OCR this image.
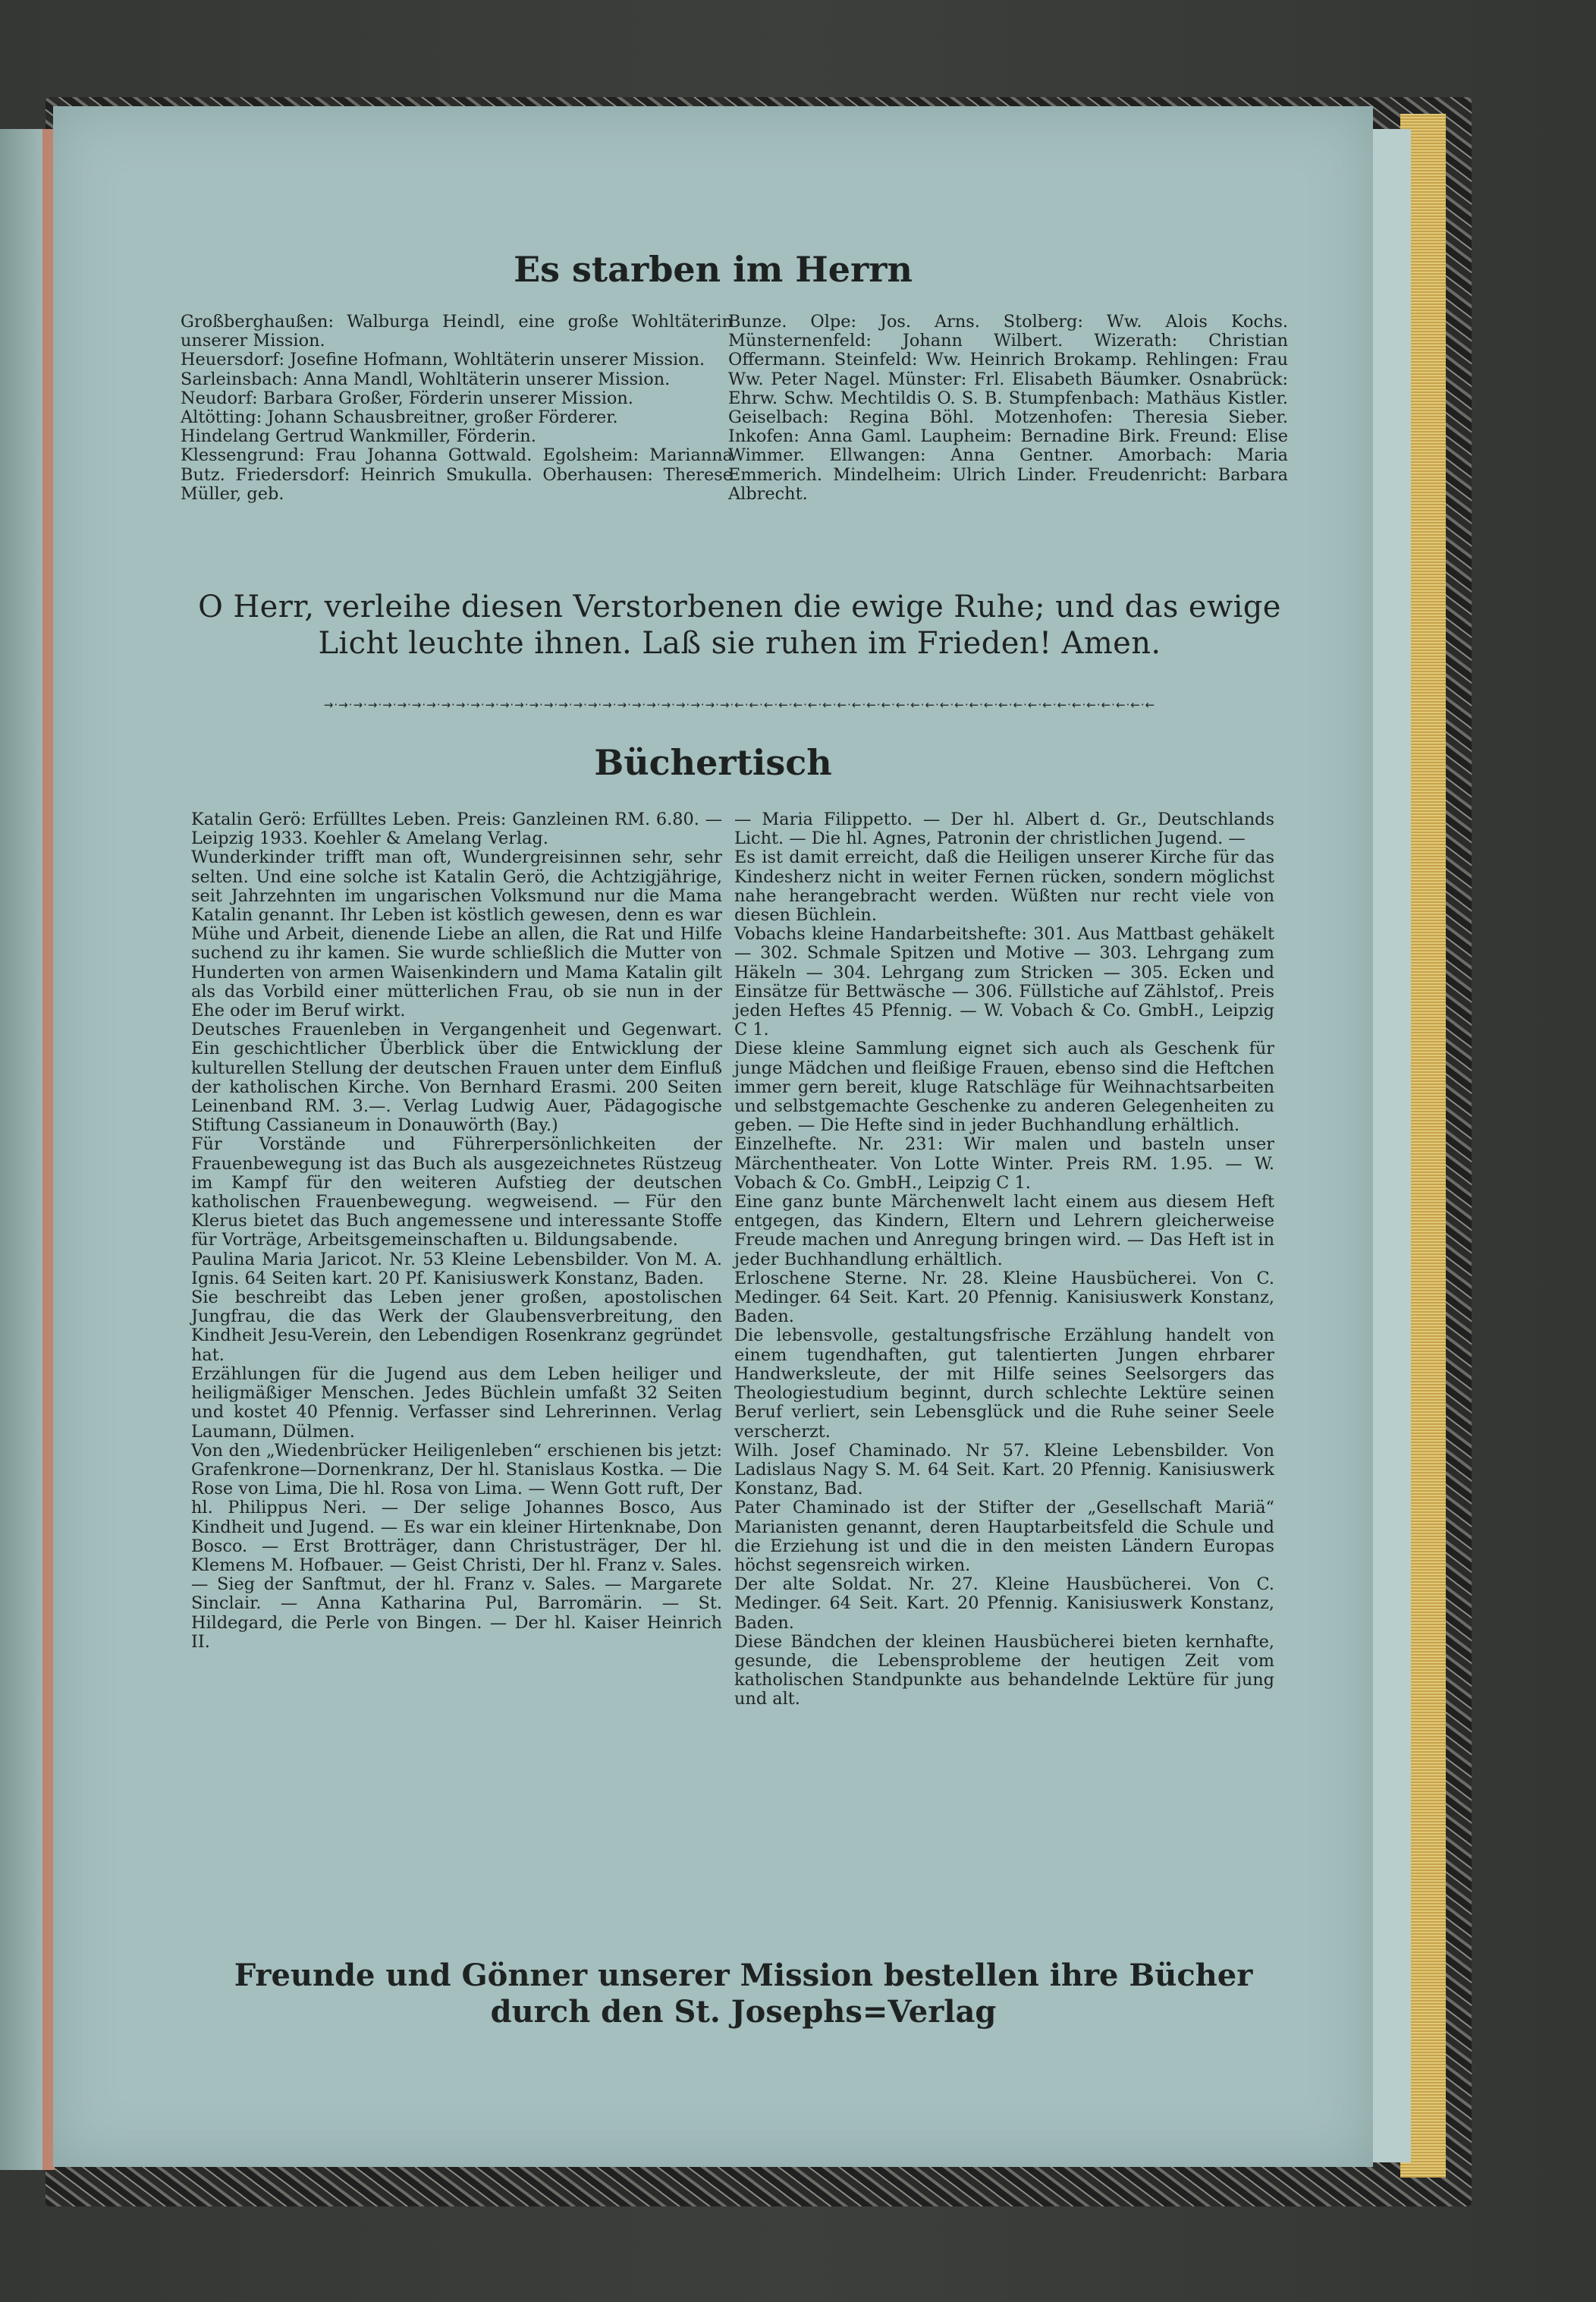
Es starben im Herrn

Großberghaußen: Walburga Heindl, eine große Wohltäterin unserer Mission.

Heuersdorf: Josefine Hofmann, Wohltäterin unserer Mission.

Sarleinsbach: Anna Mandl, Wohltäterin unserer Mission.

Neudorf: Barbara Großer, Förderin unserer Mission.

Altötting: Johann Schausbreitner, großer Förderer.

Hindelang Gertrud Wankmiller, Förderin.

Klessengrund: Frau Johanna Gottwald. Egolsheim: Marianna Butz. Friedersdorf: Heinrich Smukulla. Oberhausen: Therese Müller, geb.

Bunze. Olpe: Jos. Arns. Stolberg: Ww. Alois Kochs. Münsternenfeld: Johann Wilbert. Wizerath: Christian Offermann. Steinfeld: Ww. Heinrich Brokamp. Rehlingen: Frau Ww. Peter Nagel. Münster: Frl. Elisabeth Bäumker. Osnabrück: Ehrw. Schw. Mechtildis O. S. B. Stumpfenbach: Mathäus Kistler. Geiselbach: Regina Böhl. Motzenhofen: Theresia Sieber. Inkofen: Anna Gaml. Laupheim: Bernadine Birk. Freund: Elise Wimmer. Ellwangen: Anna Gentner. Amorbach: Maria Emmerich. Mindelheim: Ulrich Linder. Freudenricht: Barbara Albrecht.

O Herr, verleihe diesen Verstorbenen die ewige Ruhe; und das ewige Licht leuchte ihnen. Laß sie ruhen im Frieden! Amen.

→·→·→·→·→·→·→·→·→·→·→·→·→·→·→·→·→·→·→·→·→·→·→·→·→·→·→·→·←·←·←·←·←·←·←·←·←·←·←·←·←·←·←·←·←·←·←·←·←·←·←·←·←·←·←·←·←
Büchertisch

Katalin Gerö: Erfülltes Leben. Preis: Ganzleinen RM. 6.80. — Leipzig 1933. Koehler & Amelang Verlag.

Wunderkinder trifft man oft, Wundergreisinnen sehr, sehr selten. Und eine solche ist Katalin Gerö, die Achtzigjährige, seit Jahrzehnten im ungarischen Volksmund nur die Mama Katalin genannt. Ihr Leben ist köstlich gewesen, denn es war Mühe und Arbeit, dienende Liebe an allen, die Rat und Hilfe suchend zu ihr kamen. Sie wurde schließlich die Mutter von Hunderten von armen Waisenkindern und Mama Katalin gilt als das Vorbild einer mütterlichen Frau, ob sie nun in der Ehe oder im Beruf wirkt.

Deutsches Frauenleben in Vergangenheit und Gegenwart. Ein geschichtlicher Überblick über die Entwicklung der kulturellen Stellung der deutschen Frauen unter dem Einfluß der katholischen Kirche. Von Bernhard Erasmi. 200 Seiten Leinenband RM. 3.—. Verlag Ludwig Auer, Pädagogische Stiftung Cassianeum in Donauwörth (Bay.)

Für Vorstände und Führerpersönlichkeiten der Frauenbewegung ist das Buch als ausgezeichnetes Rüstzeug im Kampf für den weiteren Aufstieg der deutschen katholischen Frauenbewegung. wegweisend. — Für den Klerus bietet das Buch angemessene und interessante Stoffe für Vorträge, Arbeitsgemeinschaften u. Bildungsabende.

Paulina Maria Jaricot. Nr. 53 Kleine Lebensbilder. Von M. A. Ignis. 64 Seiten kart. 20 Pf. Kanisiuswerk Konstanz, Baden.

Sie beschreibt das Leben jener großen, apostolischen Jungfrau, die das Werk der Glaubensverbreitung, den Kindheit Jesu-Verein, den Lebendigen Rosenkranz gegründet hat.

Erzählungen für die Jugend aus dem Leben heiliger und heiligmäßiger Menschen. Jedes Büchlein umfaßt 32 Seiten und kostet 40 Pfennig. Verfasser sind Lehrerinnen. Verlag Laumann, Dülmen.

Von den „Wiedenbrücker Heiligenleben“ erschienen bis jetzt: Grafenkrone—Dornenkranz, Der hl. Stanislaus Kostka. — Die Rose von Lima, Die hl. Rosa von Lima. — Wenn Gott ruft, Der hl. Philippus Neri. — Der selige Johannes Bosco, Aus Kindheit und Jugend. — Es war ein kleiner Hirtenknabe, Don Bosco. — Erst Brotträger, dann Christusträger, Der hl. Klemens M. Hofbauer. — Geist Christi, Der hl. Franz v. Sales. — Sieg der Sanftmut, der hl. Franz v. Sales. — Margarete Sinclair. — Anna Katharina Pul, Barromärin. — St. Hildegard, die Perle von Bingen. — Der hl. Kaiser Heinrich II.

— Maria Filippetto. — Der hl. Albert d. Gr., Deutschlands Licht. — Die hl. Agnes, Patronin der christlichen Jugend. —

Es ist damit erreicht, daß die Heiligen unserer Kirche für das Kindesherz nicht in weiter Fernen rücken, sondern möglichst nahe herangebracht werden. Wüßten nur recht viele von diesen Büchlein.

Vobachs kleine Handarbeitshefte: 301. Aus Mattbast gehäkelt — 302. Schmale Spitzen und Motive — 303. Lehrgang zum Häkeln — 304. Lehrgang zum Stricken — 305. Ecken und Einsätze für Bettwäsche — 306. Füllstiche auf Zählstof,. Preis jeden Heftes 45 Pfennig. — W. Vobach & Co. GmbH., Leipzig C 1.

Diese kleine Sammlung eignet sich auch als Geschenk für junge Mädchen und fleißige Frauen, ebenso sind die Heftchen immer gern bereit, kluge Ratschläge für Weihnachtsarbeiten und selbstgemachte Geschenke zu anderen Gelegenheiten zu geben. — Die Hefte sind in jeder Buchhandlung erhältlich.

Einzelhefte. Nr. 231: Wir malen und basteln unser Märchentheater. Von Lotte Winter. Preis RM. 1.95. — W. Vobach & Co. GmbH., Leipzig C 1.

Eine ganz bunte Märchenwelt lacht einem aus diesem Heft entgegen, das Kindern, Eltern und Lehrern gleicherweise Freude machen und Anregung bringen wird. — Das Heft ist in jeder Buchhandlung erhältlich.

Erloschene Sterne. Nr. 28. Kleine Hausbücherei. Von C. Medinger. 64 Seit. Kart. 20 Pfennig. Kanisiuswerk Konstanz, Baden.

Die lebensvolle, gestaltungsfrische Erzählung handelt von einem tugendhaften, gut talentierten Jungen ehrbarer Handwerksleute, der mit Hilfe seines Seelsorgers das Theologiestudium beginnt, durch schlechte Lektüre seinen Beruf verliert, sein Lebensglück und die Ruhe seiner Seele verscherzt.

Wilh. Josef Chaminado. Nr 57. Kleine Lebensbilder. Von Ladislaus Nagy S. M. 64 Seit. Kart. 20 Pfennig. Kanisiuswerk Konstanz, Bad.

Pater Chaminado ist der Stifter der „Gesellschaft Mariä“ Marianisten genannt, deren Hauptarbeitsfeld die Schule und die Erziehung ist und die in den meisten Ländern Europas höchst segensreich wirken.

Der alte Soldat. Nr. 27. Kleine Hausbücherei. Von C. Medinger. 64 Seit. Kart. 20 Pfennig. Kanisiuswerk Konstanz, Baden.

Diese Bändchen der kleinen Hausbücherei bieten kernhafte, gesunde, die Lebensprobleme der heutigen Zeit vom katholischen Standpunkte aus behandelnde Lektüre für jung und alt.

Freunde und Gönner unserer Mission bestellen ihre Bücher durch den St. Josephs=Verlag
